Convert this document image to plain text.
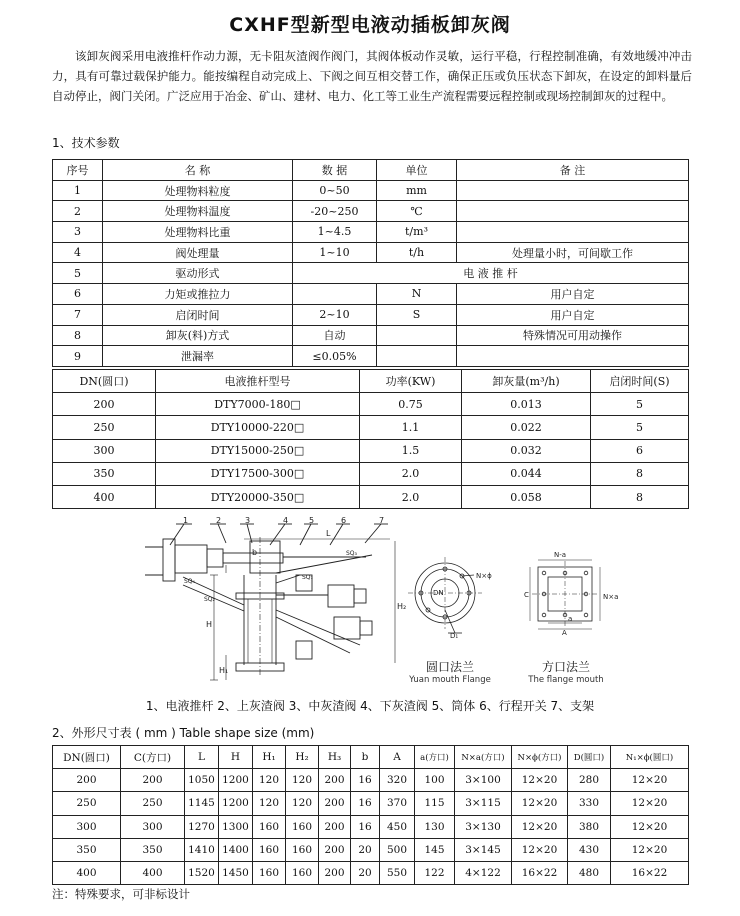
CXHF型新型电液动插板卸灰阀
该卸灰阀采用电液推杆作动力源，无卡阻灰渣阀作阀门，其阀体板动作灵敏，运行平稳，行程控制准确，有效地缓冲冲击力，具有可靠过载保护能力。能按编程自动完成上、下阀之间互相交替工作，确保正压或负压状态下卸灰，在设定的卸料量后自动停止，阀门关闭。广泛应用于冶金、矿山、建材、电力、化工等工业生产流程需要远程控制或现场控制卸灰的过程中。
1、技术参数
序号	名 称	数 据	单位	备 注
1	处理物料粒度	0~50	mm	
2	处理物料温度	-20~250	℃	
3	处理物料比重	1~4.5	t/m³	
4	阀处理量	1~10	t/h	处理量小时，可间歇工作
5	驱动形式	电 液 推 杆		
6	力矩或推拉力		N	用户自定
7	启闭时间	2~10	S	用户自定
8	卸灰(料)方式	自动		特殊情况可用动操作
9	泄漏率	≤0.05%		
DN(圆口)	电液推杆型号	功率(KW)	卸灰量(m³/h)	启闭时间(S)
200	DTY7000-180□	0.75	0.013	5
250	DTY10000-220□	1.1	0.022	5
300	DTY15000-250□	1.5	0.032	6
350	DTY17500-300□	2.0	0.044	8
400	DTY20000-350□	2.0	0.058	8
1	2	3	4	5	6	7
L
H
H₂
H₁
b
SQ₁
SQ₂
SQ₃
SQ₄
N×ϕ
DN
D₁
N-a
C	N×a
A
a
圆口法兰
Yuan mouth Flange
方口法兰
The flange mouth
1、电液推杆 2、上灰渣阀 3、中灰渣阀 4、下灰渣阀 5、筒体 6、行程开关 7、支架
2、外形尺寸表 ( mm ) Table shape size (mm)
DN(圆口)	C(方口)	L	H	H₁	H₂	H₃	b	A	a(方口)	N×a(方口)	N×ϕ(方口)	D(圆口)	N₁×ϕ(圆口)
200	200	1050	1200	120	120	200	16	320	100	3×100	12×20	280	12×20
250	250	1145	1200	120	120	200	16	370	115	3×115	12×20	330	12×20
300	300	1270	1300	160	160	200	16	450	130	3×130	12×20	380	12×20
350	350	1410	1400	160	160	200	20	500	145	3×145	12×20	430	12×20
400	400	1520	1450	160	160	200	20	550	122	4×122	16×22	480	16×22
注：特殊要求，可非标设计
